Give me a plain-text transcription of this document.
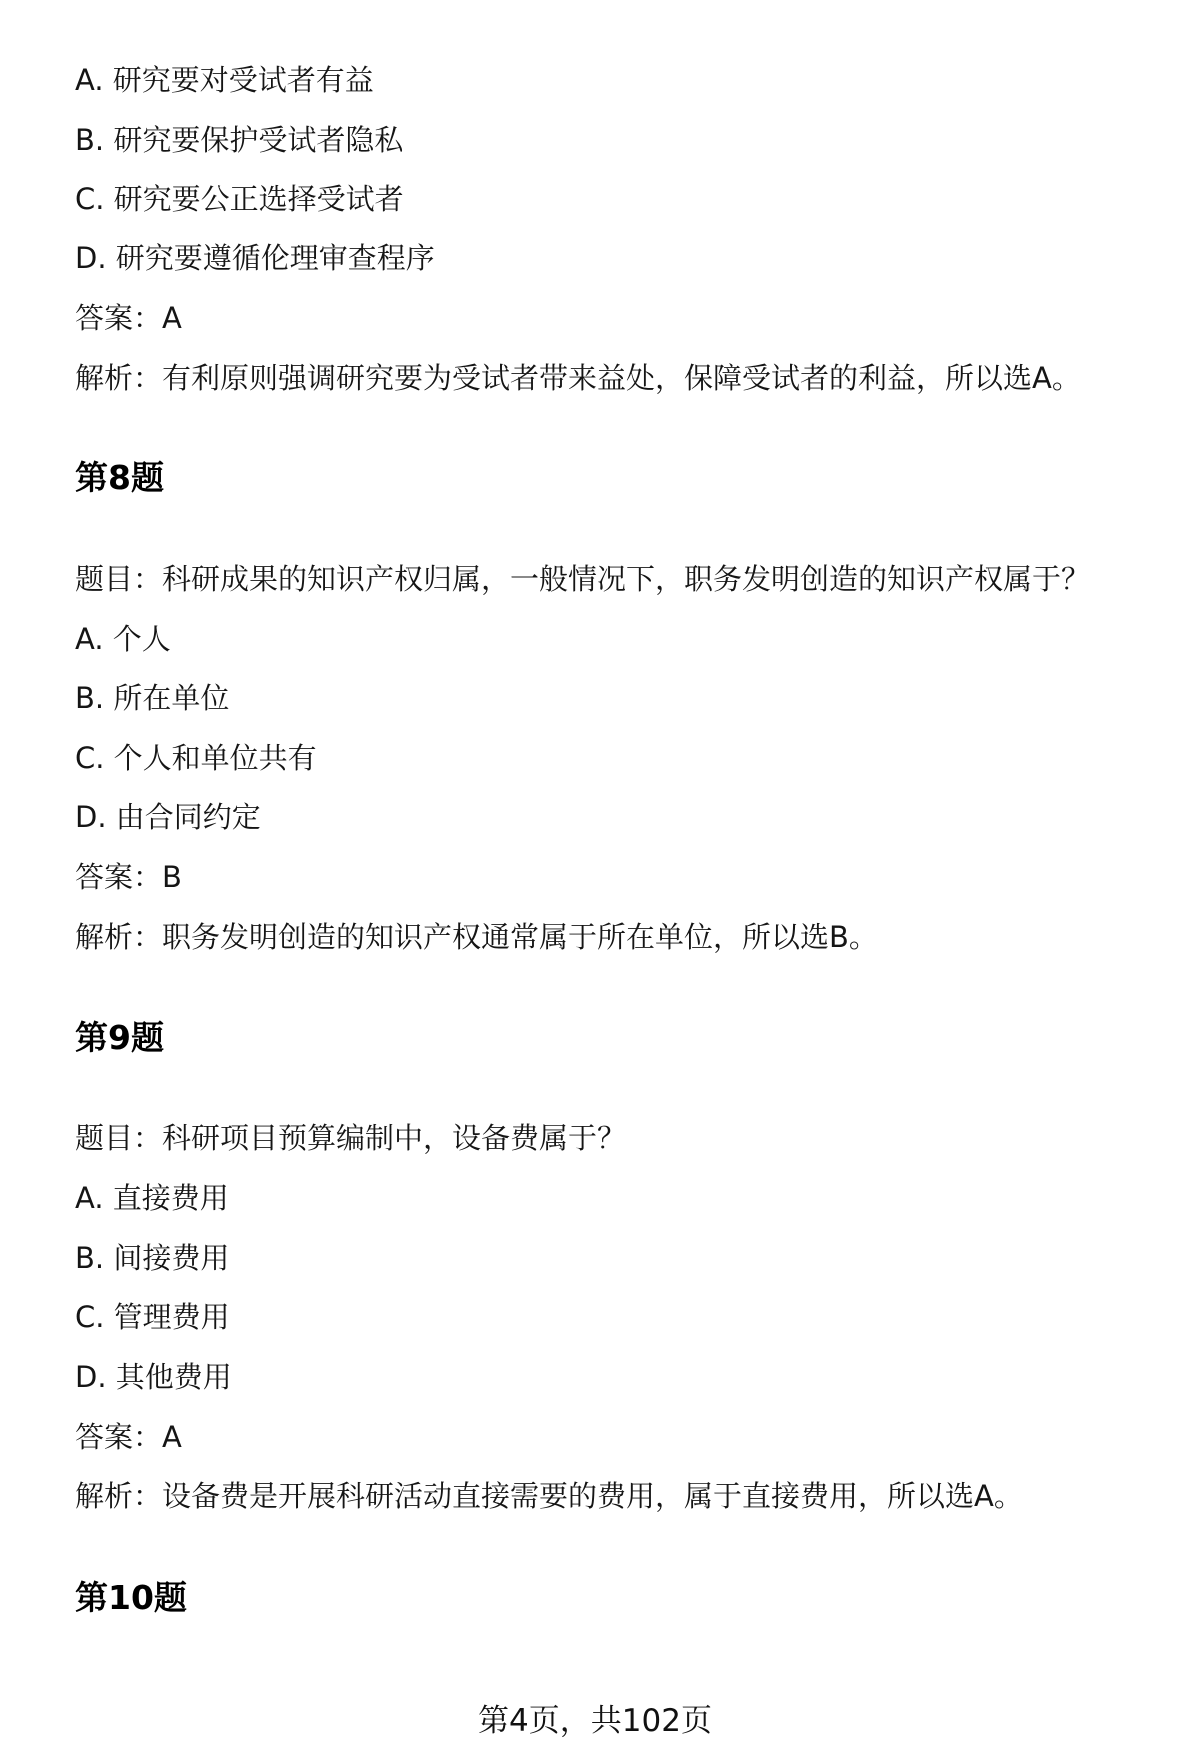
A. 研究要对受试者有益
B. 研究要保护受试者隐私
C. 研究要公正选择受试者
D. 研究要遵循伦理审查程序
答案：A
解析：有利原则强调研究要为受试者带来益处，保障受试者的利益，所以选A。
第8题
题目：科研成果的知识产权归属，一般情况下，职务发明创造的知识产权属于？
A. 个人
B. 所在单位
C. 个人和单位共有
D. 由合同约定
答案：B
解析：职务发明创造的知识产权通常属于所在单位，所以选B。
第9题
题目：科研项目预算编制中，设备费属于？
A. 直接费用
B. 间接费用
C. 管理费用
D. 其他费用
答案：A
解析：设备费是开展科研活动直接需要的费用，属于直接费用，所以选A。
第10题
第4页，共102页
